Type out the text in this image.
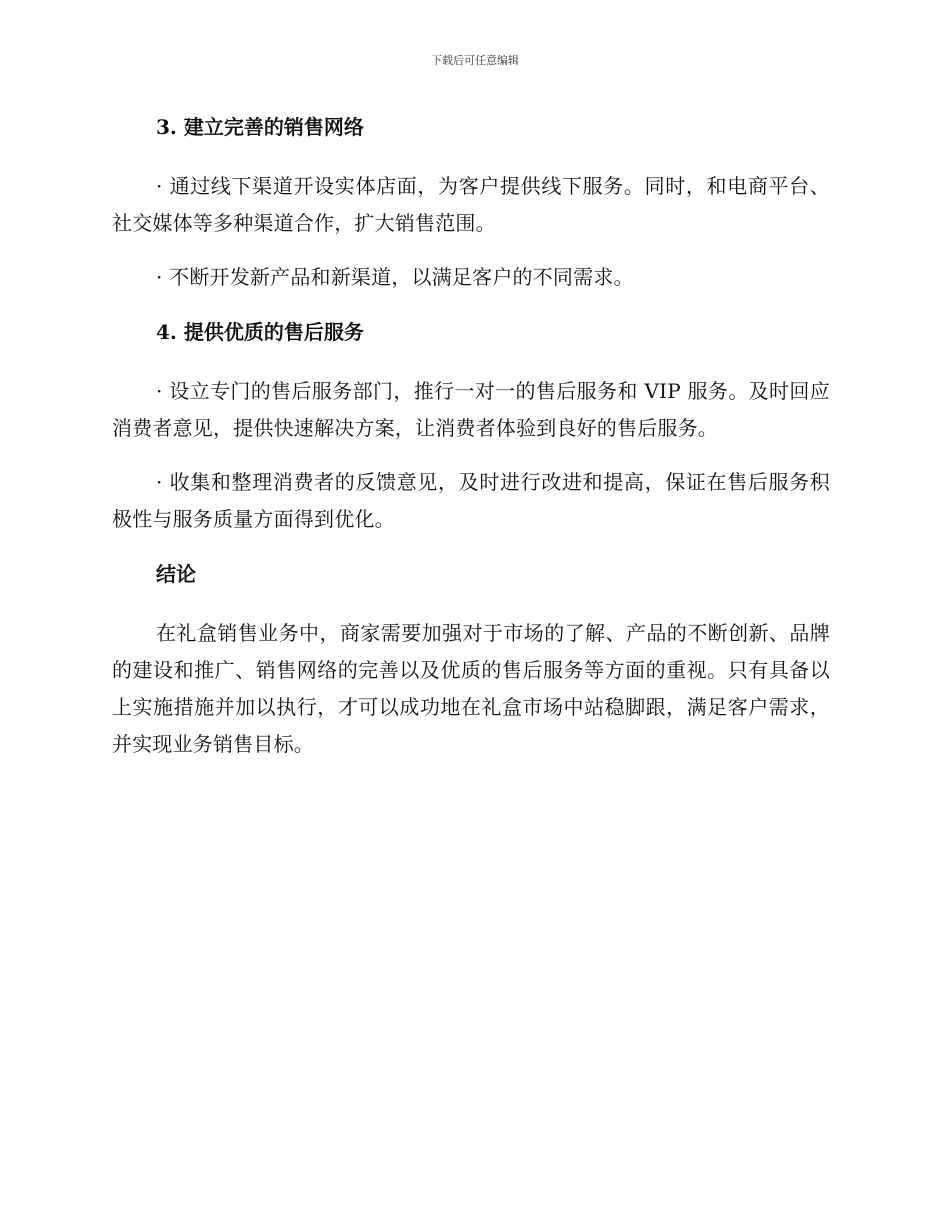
下载后可任意编辑
3. 建立完善的销售网络

· 通过线下渠道开设实体店面，为客户提供线下服务。同时，和电商平台、社交媒体等多种渠道合作，扩大销售范围。

· 不断开发新产品和新渠道，以满足客户的不同需求。

4. 提供优质的售后服务

· 设立专门的售后服务部门，推行一对一的售后服务和 VIP 服务。及时回应消费者意见，提供快速解决方案，让消费者体验到良好的售后服务。

· 收集和整理消费者的反馈意见，及时进行改进和提高，保证在售后服务积极性与服务质量方面得到优化。

结论

在礼盒销售业务中，商家需要加强对于市场的了解、产品的不断创新、品牌的建设和推广、销售网络的完善以及优质的售后服务等方面的重视。只有具备以上实施措施并加以执行，才可以成功地在礼盒市场中站稳脚跟，满足客户需求，并实现业务销售目标。
